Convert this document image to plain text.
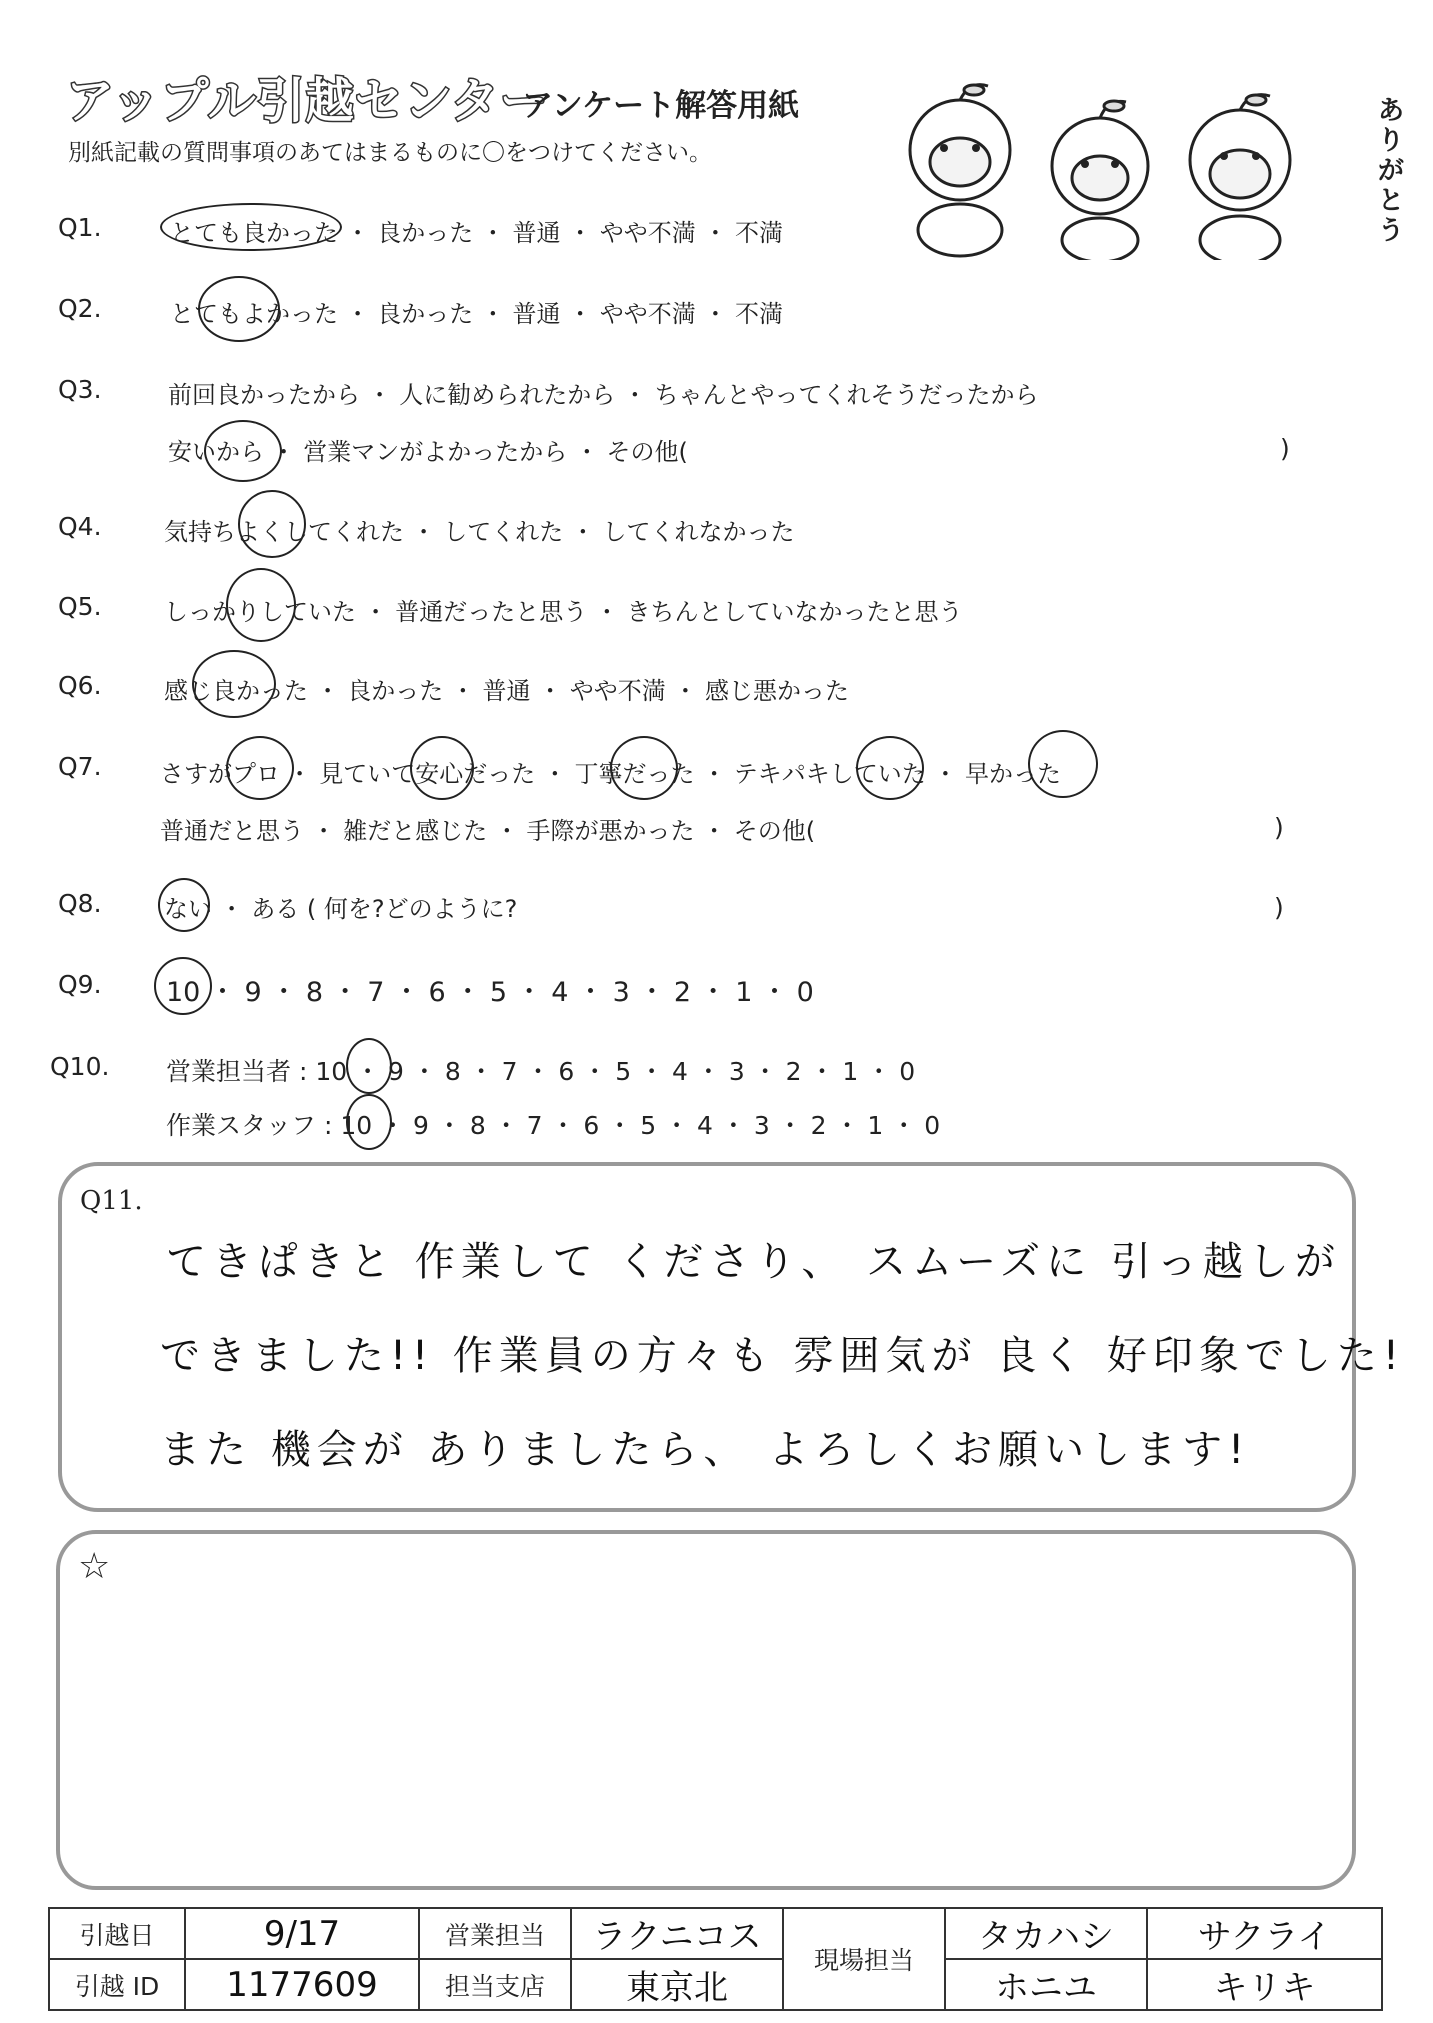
アップル引越センター
アンケート解答用紙
別紙記載の質問事項のあてはまるものに〇をつけてください。
ありがとう
Q1.	とても良かった ・ 良かった ・ 普通 ・ やや不満 ・ 不満
Q2.	とてもよかった ・ 良かった ・ 普通 ・ やや不満 ・ 不満
Q3.	前回良かったから ・ 人に勧められたから ・ ちゃんとやってくれそうだったから
安いから ・ 営業マンがよかったから ・ その他(	)
Q4.	気持ちよくしてくれた ・ してくれた ・ してくれなかった
Q5.	しっかりしていた ・ 普通だったと思う ・ きちんとしていなかったと思う
Q6.	感じ良かった ・ 良かった ・ 普通 ・ やや不満 ・ 感じ悪かった
Q7. さすがプロ ・ 見ていて安心だった ・ 丁寧だった ・ テキパキしていた ・ 早かった
普通だと思う ・ 雑だと感じた ・ 手際が悪かった ・ その他(	)
Q8.	ない ・ ある ( 何を?どのように?	)
Q9. 10 ・ 9 ・ 8 ・ 7 ・ 6 ・ 5 ・ 4 ・ 3 ・ 2 ・ 1 ・ 0
Q10. 営業担当者 : 10 ・ 9 ・ 8 ・ 7 ・ 6 ・ 5 ・ 4 ・ 3 ・ 2 ・ 1 ・ 0
作業スタッフ : 10 ・ 9 ・ 8 ・ 7 ・ 6 ・ 5 ・ 4 ・ 3 ・ 2 ・ 1 ・ 0
Q11.
てきぱきと 作業して くださり、 スムーズに 引っ越しが
できました!! 作業員の方々も 雰囲気が 良く 好印象でした!
また 機会が ありましたら、 よろしくお願いします!
☆
引越日	9/17	営業担当	ラクニコス	現場担当	タカハシ	サクライ
引越 ID	1177609	担当支店	東京北		ホニユ	キリキ
